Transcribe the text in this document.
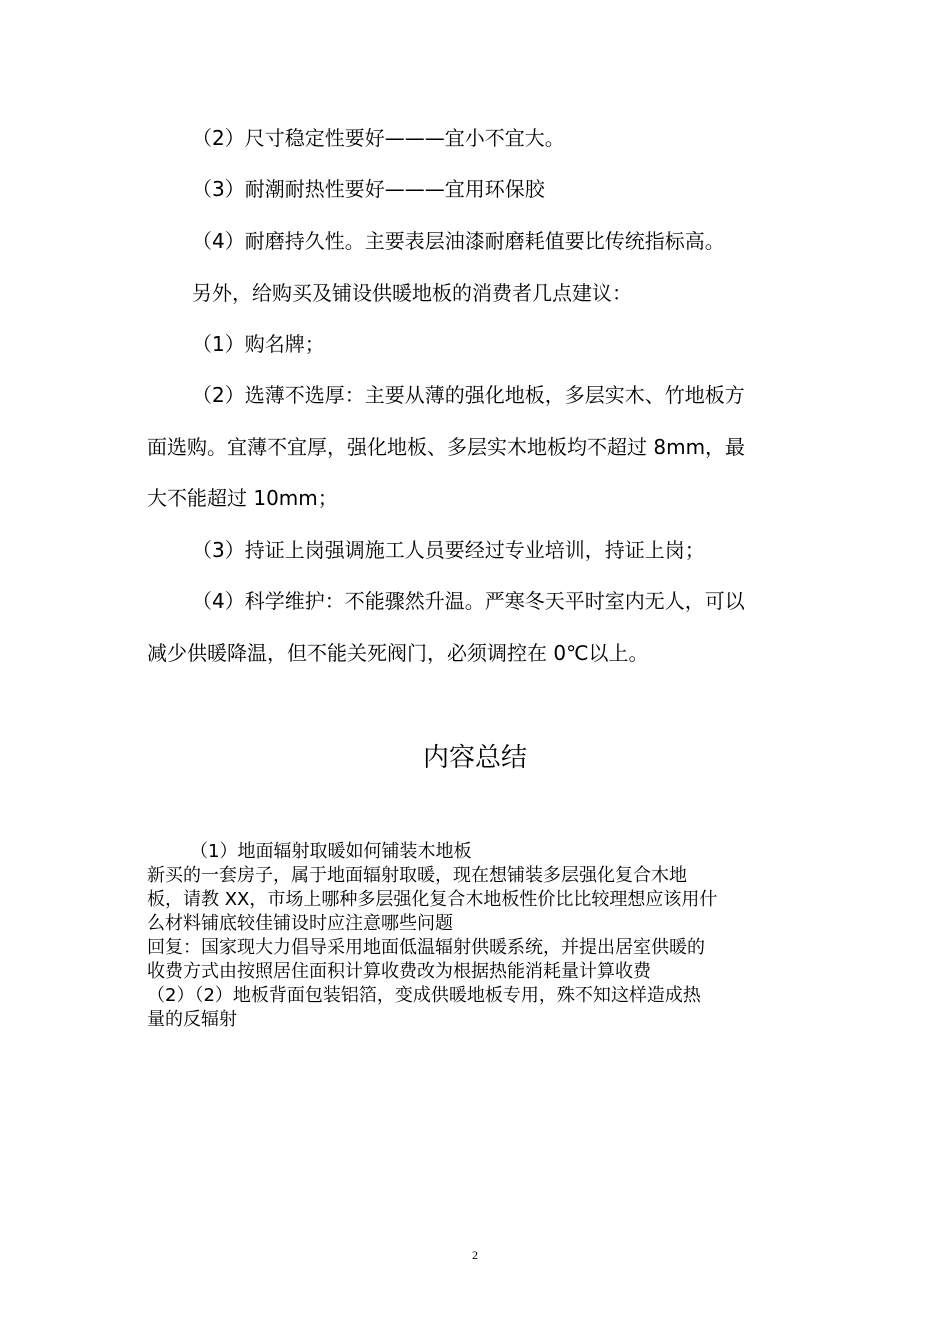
（2）尺寸稳定性要好———宜小不宜大。
（3）耐潮耐热性要好———宜用环保胶
（4）耐磨持久性。主要表层油漆耐磨耗值要比传统指标高。
另外，给购买及铺设供暖地板的消费者几点建议：
（1）购名牌；
（2）选薄不选厚：主要从薄的强化地板，多层实木、竹地板方
面选购。宜薄不宜厚，强化地板、多层实木地板均不超过 8mm，最
大不能超过 10mm；
（3）持证上岗强调施工人员要经过专业培训，持证上岗；
（4）科学维护：不能骤然升温。严寒冬天平时室内无人，可以
减少供暖降温，但不能关死阀门，必须调控在 0℃以上。
内容总结
（1）地面辐射取暖如何铺装木地板
新买的一套房子，属于地面辐射取暖，现在想铺装多层强化复合木地
板，请教 XX，市场上哪种多层强化复合木地板性价比比较理想应该用什
么材料铺底较佳铺设时应注意哪些问题
回复：国家现大力倡导采用地面低温辐射供暖系统，并提出居室供暖的
收费方式由按照居住面积计算收费改为根据热能消耗量计算收费
（2）（2）地板背面包装铝箔，变成供暖地板专用，殊不知这样造成热
量的反辐射
2
